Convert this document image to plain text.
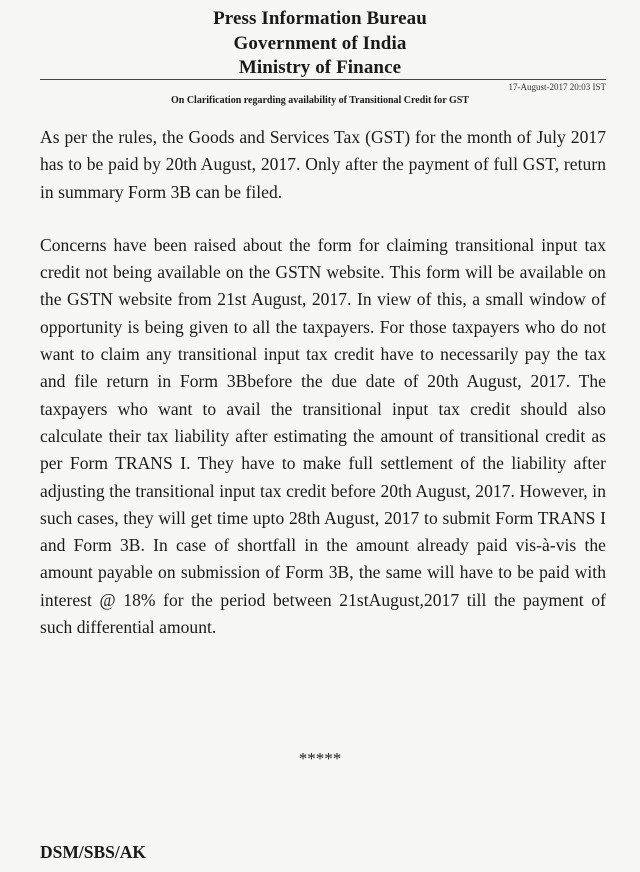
Press Information Bureau
Government of India
Ministry of Finance
17-August-2017 20:03 IST
On Clarification regarding availability of Transitional Credit for GST

As per the rules, the Goods and Services Tax (GST) for the month of July 2017 has to be paid by 20th August, 2017. Only after the payment of full GST, return in summary Form 3B can be filed.

Concerns have been raised about the form for claiming transitional input tax credit not being available on the GSTN website. This form will be available on the GSTN website from 21st August, 2017. In view of this, a small window of opportunity is being given to all the taxpayers. For those taxpayers who do not want to claim any transitional input tax credit have to necessarily pay the tax and file return in Form 3Bbefore the due date of 20th August, 2017. The taxpayers who want to avail the transitional input tax credit should also calculate their tax liability after estimating the amount of transitional credit as per Form TRANS I. They have to make full settlement of the liability after adjusting the transitional input tax credit before 20th August, 2017. However, in such cases, they will get time upto 28th August, 2017 to submit Form TRANS I and Form 3B. In case of shortfall in the amount already paid vis-à-vis the amount payable on submission of Form 3B, the same will have to be paid with interest @ 18% for the period between 21stAugust,2017 till the payment of such differential amount.

*****
DSM/SBS/AK
